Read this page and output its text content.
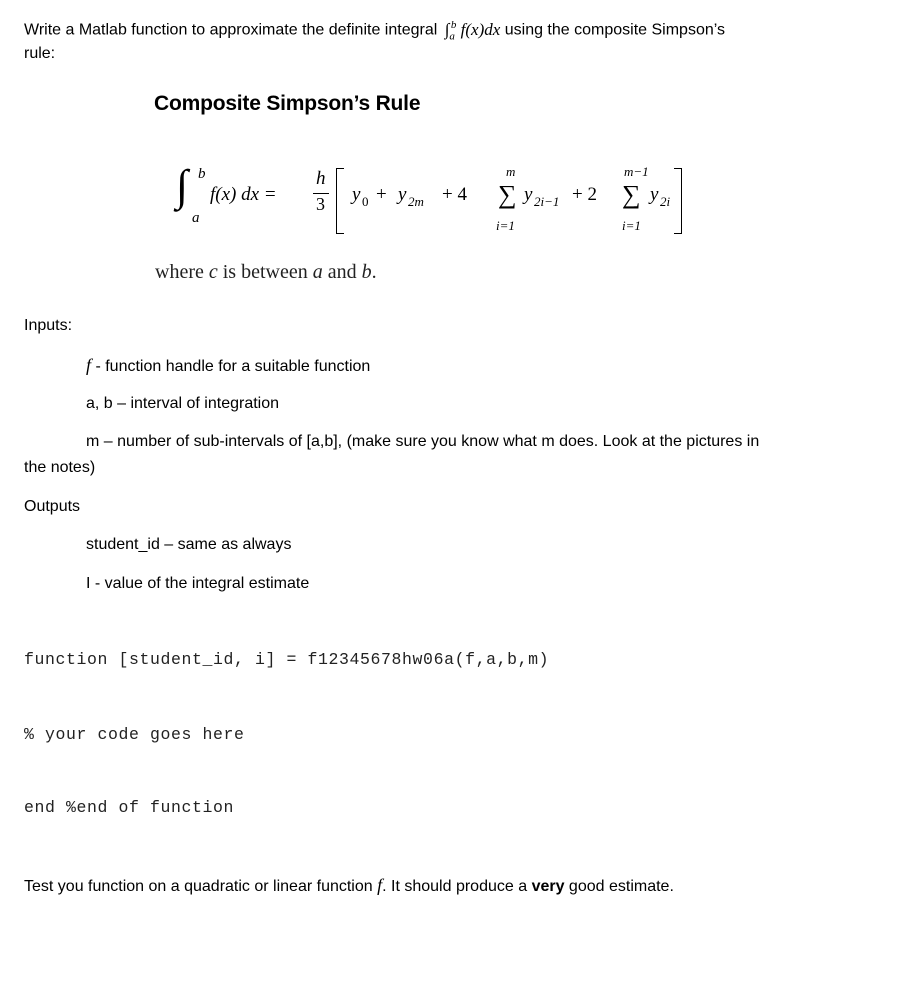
Write a Matlab function to approximate the definite integral $\int_a^b$ f(x)dx using the composite Simpson’s
rule:
Composite Simpson’s Rule
∫ b
a
f(x) dx =
h
3 y 0 + y 2m + 4
m
∑
i=1
y 2i−1 + 2
m−1
∑
i=1
y 2i
where c is between a and b.
Inputs:
f - function handle for a suitable function
a, b – interval of integration
m – number of sub-intervals of [a,b], (make sure you know what m does. Look at the pictures in
the notes)
Outputs
student_id – same as always
I - value of the integral estimate
function [student_id, i] = f12345678hw06a(f,a,b,m)
% your code goes here
end %end of function
Test you function on a quadratic or linear function f. It should produce a very good estimate.
